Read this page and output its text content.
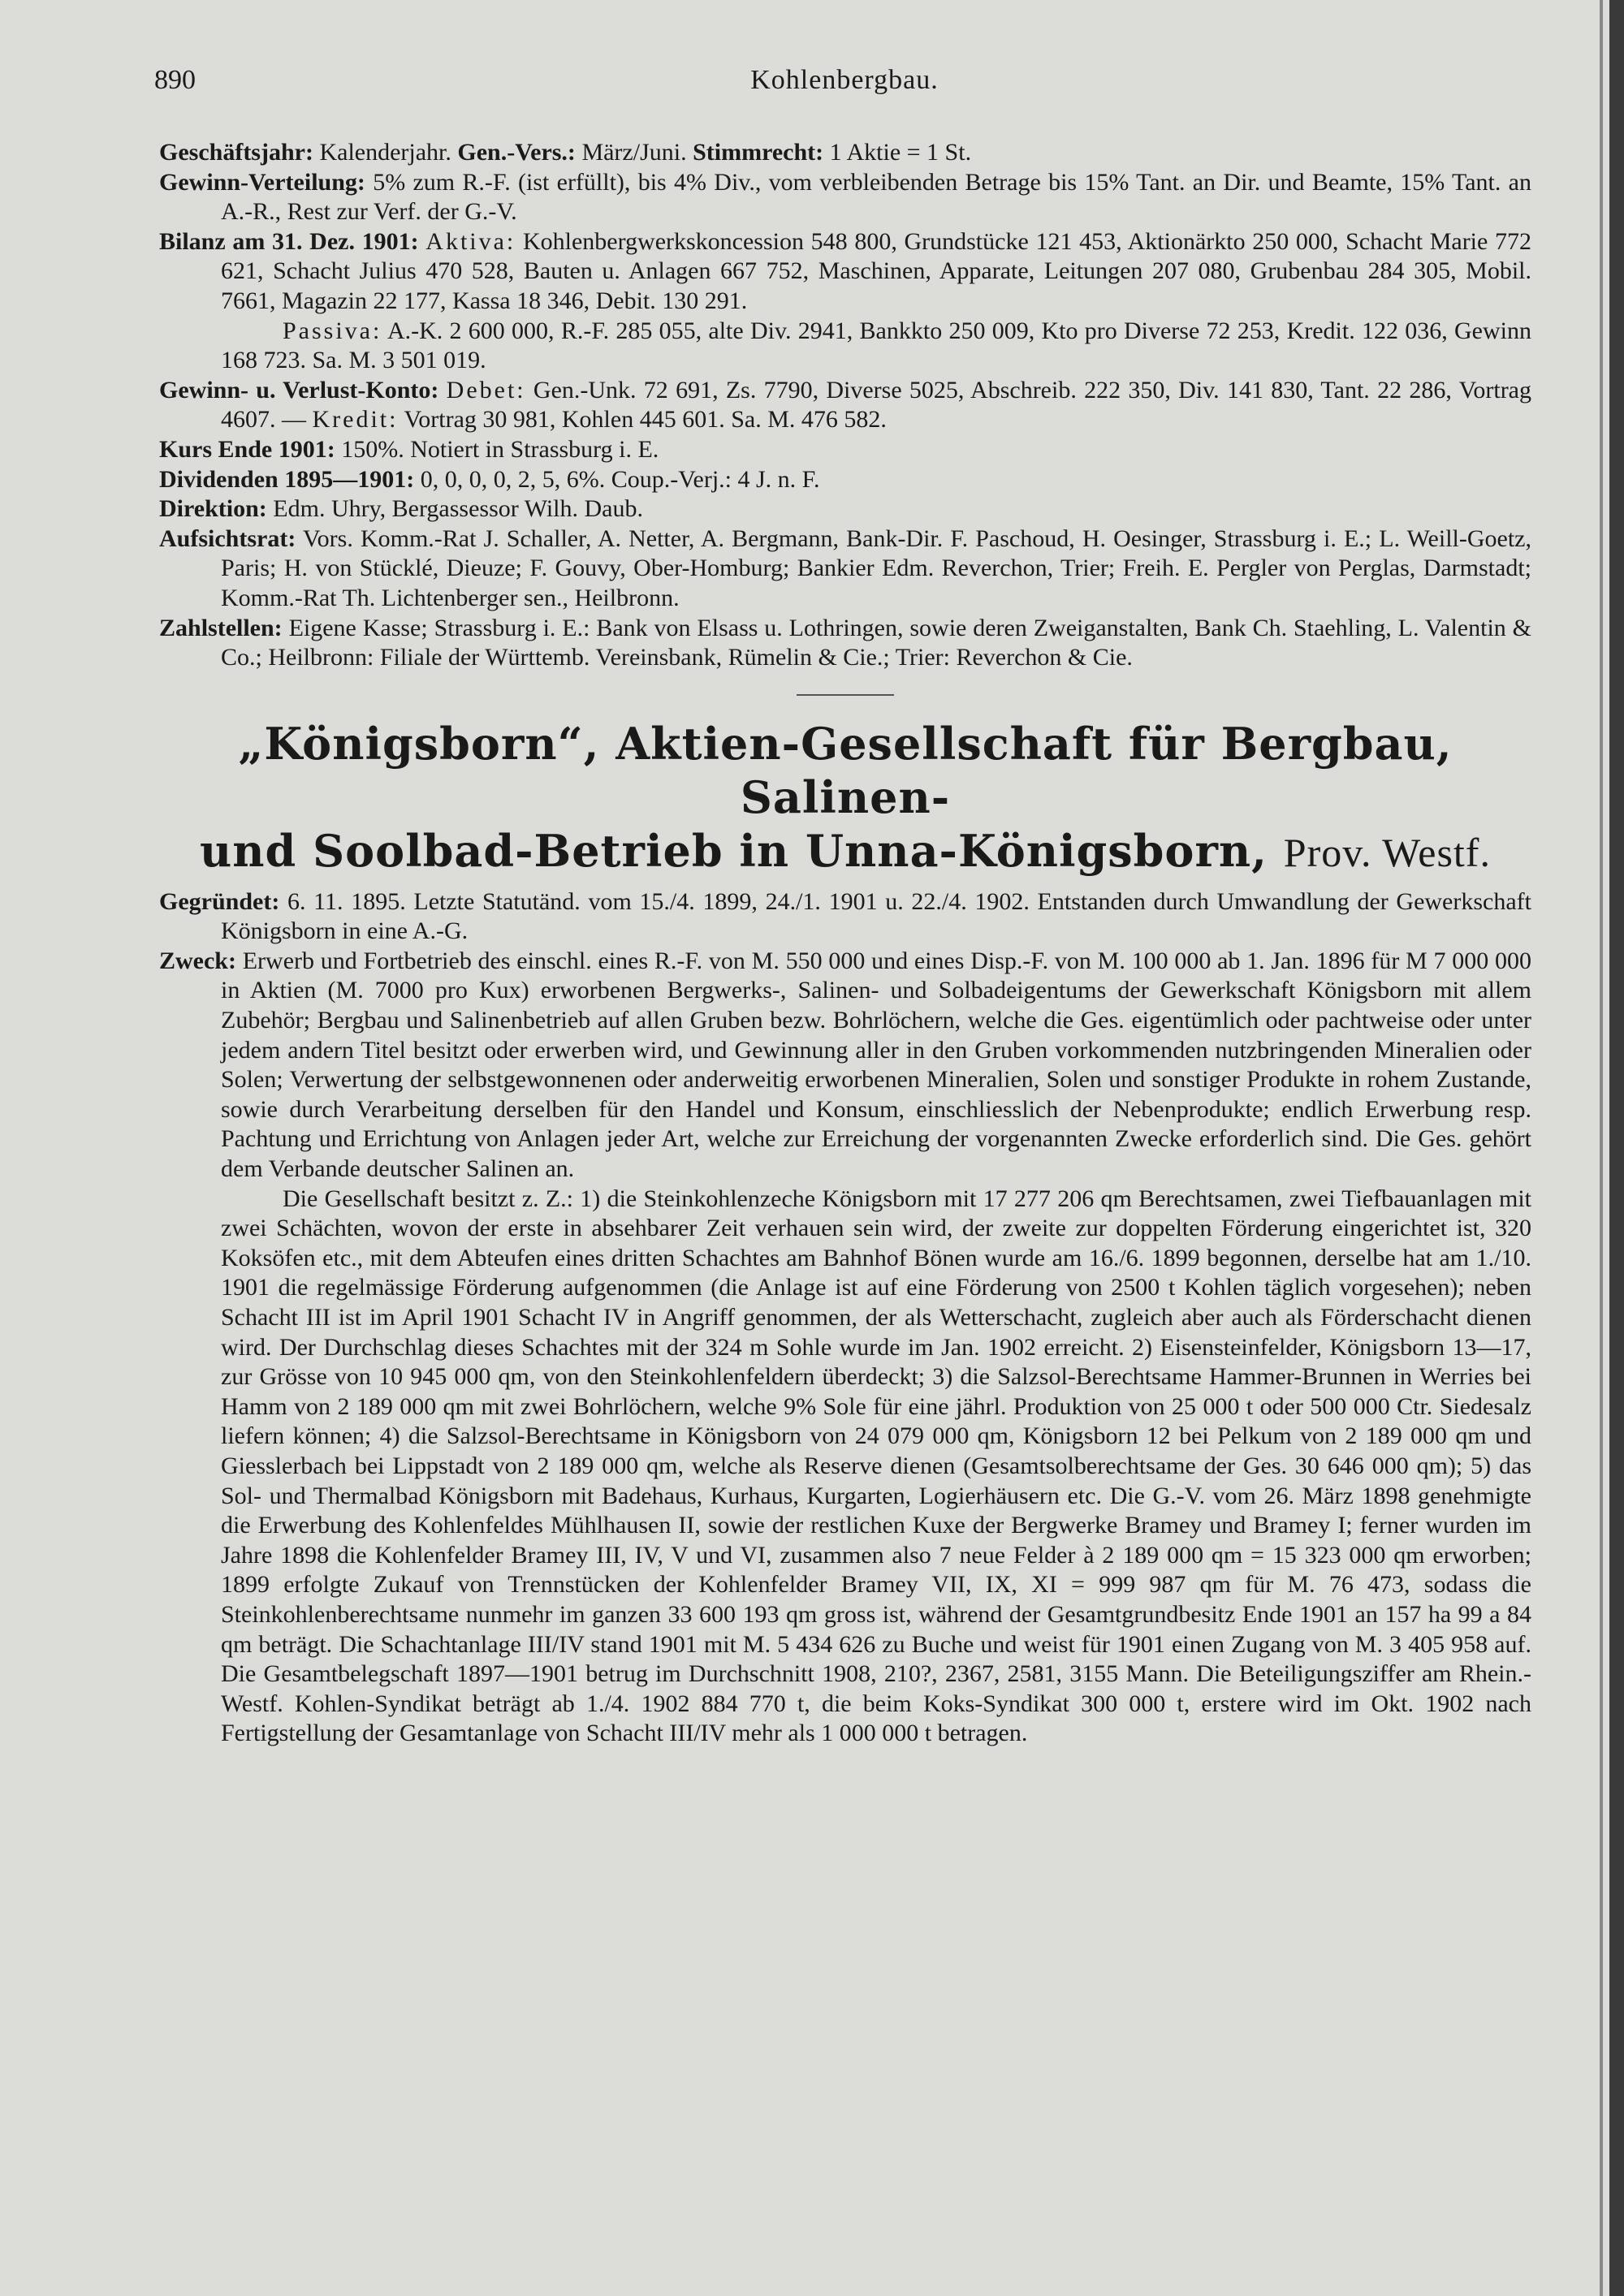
890	Kohlenbergbau.

Geschäftsjahr: Kalenderjahr. Gen.-Vers.: März/Juni. Stimmrecht: 1 Aktie = 1 St.

Gewinn-Verteilung: 5% zum R.-F. (ist erfüllt), bis 4% Div., vom verbleibenden Betrage bis 15% Tant. an Dir. und Beamte, 15% Tant. an A.-R., Rest zur Verf. der G.-V.

Bilanz am 31. Dez. 1901: Aktiva: Kohlenbergwerkskoncession 548 800, Grundstücke 121 453, Aktionärkto 250 000, Schacht Marie 772 621, Schacht Julius 470 528, Bauten u. Anlagen 667 752, Maschinen, Apparate, Leitungen 207 080, Grubenbau 284 305, Mobil. 7661, Magazin 22 177, Kassa 18 346, Debit. 130 291.

Passiva: A.-K. 2 600 000, R.-F. 285 055, alte Div. 2941, Bankkto 250 009, Kto pro Diverse 72 253, Kredit. 122 036, Gewinn 168 723. Sa. M. 3 501 019.

Gewinn- u. Verlust-Konto: Debet: Gen.-Unk. 72 691, Zs. 7790, Diverse 5025, Abschreib. 222 350, Div. 141 830, Tant. 22 286, Vortrag 4607. — Kredit: Vortrag 30 981, Kohlen 445 601. Sa. M. 476 582.

Kurs Ende 1901: 150%. Notiert in Strassburg i. E.

Dividenden 1895—1901: 0, 0, 0, 0, 2, 5, 6%. Coup.-Verj.: 4 J. n. F.

Direktion: Edm. Uhry, Bergassessor Wilh. Daub.

Aufsichtsrat: Vors. Komm.-Rat J. Schaller, A. Netter, A. Bergmann, Bank-Dir. F. Paschoud, H. Oesinger, Strassburg i. E.; L. Weill-Goetz, Paris; H. von Stücklé, Dieuze; F. Gouvy, Ober-Homburg; Bankier Edm. Reverchon, Trier; Freih. E. Pergler von Perglas, Darmstadt; Komm.-Rat Th. Lichtenberger sen., Heilbronn.

Zahlstellen: Eigene Kasse; Strassburg i. E.: Bank von Elsass u. Lothringen, sowie deren Zweiganstalten, Bank Ch. Staehling, L. Valentin & Co.; Heilbronn: Filiale der Württemb. Vereinsbank, Rümelin & Cie.; Trier: Reverchon & Cie.

„Königsborn“, Aktien-Gesellschaft für Bergbau, Salinen-

und Soolbad-Betrieb in Unna-Königsborn, Prov. Westf.

Gegründet: 6. 11. 1895. Letzte Statutänd. vom 15./4. 1899, 24./1. 1901 u. 22./4. 1902. Entstanden durch Umwandlung der Gewerkschaft Königsborn in eine A.-G.

Zweck: Erwerb und Fortbetrieb des einschl. eines R.-F. von M. 550 000 und eines Disp.-F. von M. 100 000 ab 1. Jan. 1896 für M 7 000 000 in Aktien (M. 7000 pro Kux) erworbenen Bergwerks-, Salinen- und Solbadeigentums der Gewerkschaft Königsborn mit allem Zubehör; Bergbau und Salinenbetrieb auf allen Gruben bezw. Bohrlöchern, welche die Ges. eigentümlich oder pachtweise oder unter jedem andern Titel besitzt oder erwerben wird, und Gewinnung aller in den Gruben vorkommenden nutzbringenden Mineralien oder Solen; Verwertung der selbstgewonnenen oder anderweitig erworbenen Mineralien, Solen und sonstiger Produkte in rohem Zustande, sowie durch Verarbeitung derselben für den Handel und Konsum, einschliesslich der Nebenprodukte; endlich Erwerbung resp. Pachtung und Errichtung von Anlagen jeder Art, welche zur Erreichung der vorgenannten Zwecke erforderlich sind. Die Ges. gehört dem Verbande deutscher Salinen an.

Die Gesellschaft besitzt z. Z.: 1) die Steinkohlenzeche Königsborn mit 17 277 206 qm Berechtsamen, zwei Tiefbauanlagen mit zwei Schächten, wovon der erste in absehbarer Zeit verhauen sein wird, der zweite zur doppelten Förderung eingerichtet ist, 320 Koksöfen etc., mit dem Abteufen eines dritten Schachtes am Bahnhof Bönen wurde am 16./6. 1899 begonnen, derselbe hat am 1./10. 1901 die regelmässige Förderung aufgenommen (die Anlage ist auf eine Förderung von 2500 t Kohlen täglich vorgesehen); neben Schacht III ist im April 1901 Schacht IV in Angriff genommen, der als Wetterschacht, zugleich aber auch als Förderschacht dienen wird. Der Durchschlag dieses Schachtes mit der 324 m Sohle wurde im Jan. 1902 erreicht. 2) Eisensteinfelder, Königsborn 13—17, zur Grösse von 10 945 000 qm, von den Steinkohlenfeldern überdeckt; 3) die Salzsol-Berechtsame Hammer-Brunnen in Werries bei Hamm von 2 189 000 qm mit zwei Bohrlöchern, welche 9% Sole für eine jährl. Produktion von 25 000 t oder 500 000 Ctr. Siedesalz liefern können; 4) die Salzsol-Berechtsame in Königsborn von 24 079 000 qm, Königsborn 12 bei Pelkum von 2 189 000 qm und Giesslerbach bei Lippstadt von 2 189 000 qm, welche als Reserve dienen (Gesamtsolberechtsame der Ges. 30 646 000 qm); 5) das Sol- und Thermalbad Königsborn mit Badehaus, Kurhaus, Kurgarten, Logierhäusern etc. Die G.-V. vom 26. März 1898 genehmigte die Erwerbung des Kohlenfeldes Mühlhausen II, sowie der restlichen Kuxe der Bergwerke Bramey und Bramey I; ferner wurden im Jahre 1898 die Kohlenfelder Bramey III, IV, V und VI, zusammen also 7 neue Felder à 2 189 000 qm = 15 323 000 qm erworben; 1899 erfolgte Zukauf von Trennstücken der Kohlenfelder Bramey VII, IX, XI = 999 987 qm für M. 76 473, sodass die Steinkohlenberechtsame nunmehr im ganzen 33 600 193 qm gross ist, während der Gesamtgrundbesitz Ende 1901 an 157 ha 99 a 84 qm beträgt. Die Schachtanlage III/IV stand 1901 mit M. 5 434 626 zu Buche und weist für 1901 einen Zugang von M. 3 405 958 auf. Die Gesamtbelegschaft 1897—1901 betrug im Durchschnitt 1908, 210?, 2367, 2581, 3155 Mann. Die Beteiligungsziffer am Rhein.-Westf. Kohlen-Syndikat beträgt ab 1./4. 1902 884 770 t, die beim Koks-Syndikat 300 000 t, erstere wird im Okt. 1902 nach Fertigstellung der Gesamtanlage von Schacht III/IV mehr als 1 000 000 t betragen.
